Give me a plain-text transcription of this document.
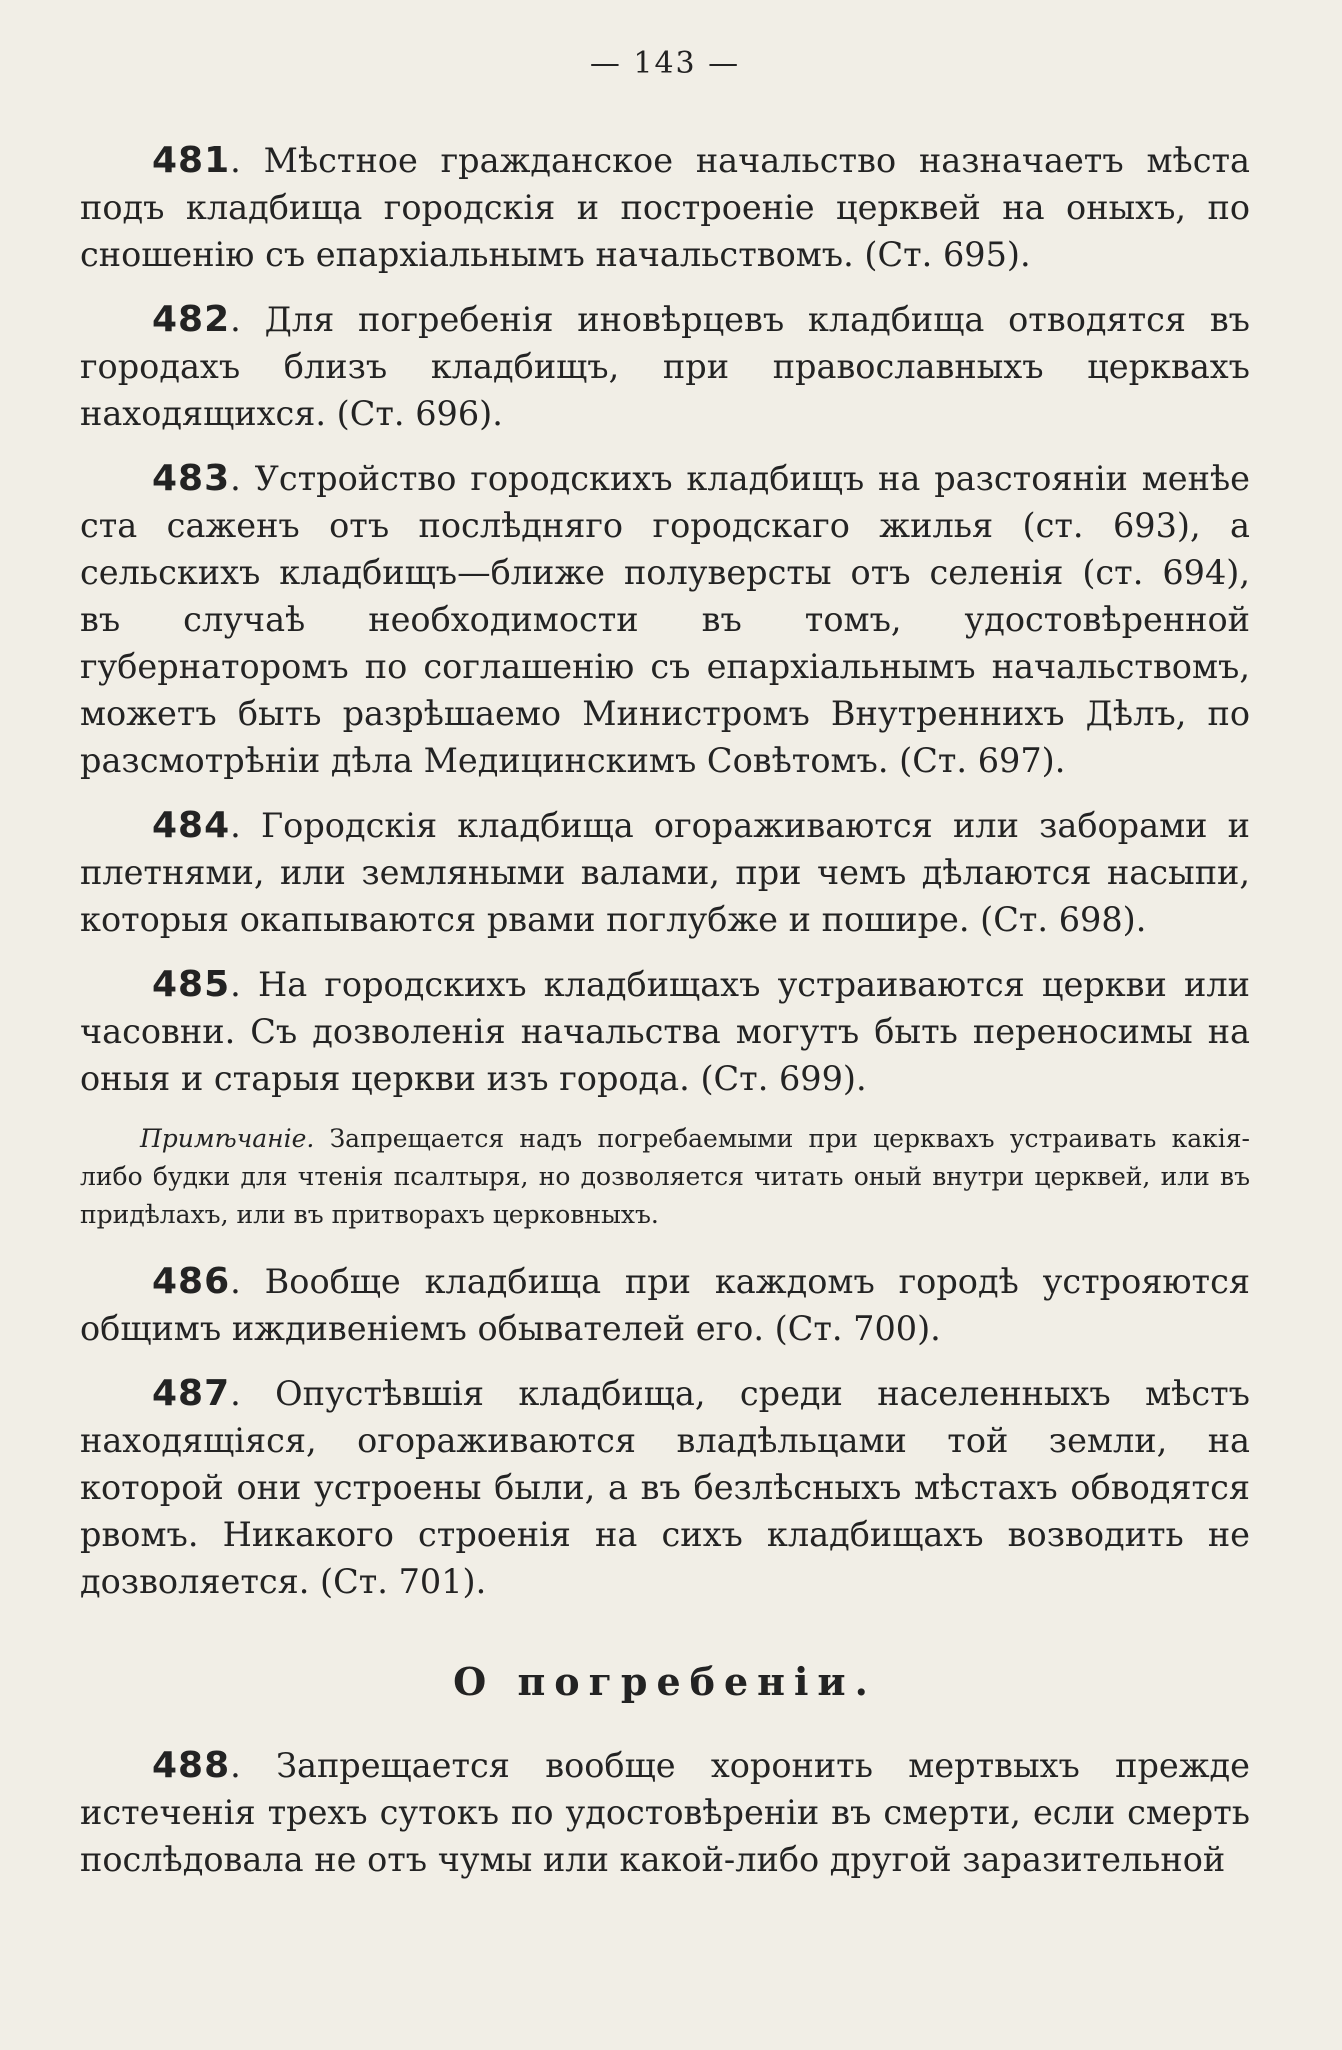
— 143 —

481. Мѣстное гражданское начальство назначаетъ мѣста подъ кладбища городскія и построеніе церквей на оныхъ, по сношенію съ епархіальнымъ начальствомъ. (Ст. 695).

482. Для погребенія иновѣрцевъ кладбища отводятся въ городахъ близъ кладбищъ, при православныхъ церквахъ находящихся. (Ст. 696).

483. Устройство городскихъ кладбищъ на разстояніи менѣе ста саженъ отъ послѣдняго городскаго жилья (ст. 693), а сельскихъ кладбищъ—ближе полуверсты отъ селенія (ст. 694), въ случаѣ необходимости въ томъ, удостовѣренной губернаторомъ по соглашенію съ епархіальнымъ начальствомъ, можетъ быть разрѣшаемо Министромъ Внутреннихъ Дѣлъ, по разсмотрѣніи дѣла Медицинскимъ Совѣтомъ. (Ст. 697).

484. Городскія кладбища огораживаются или заборами и плетнями, или земляными валами, при чемъ дѣлаются насыпи, которыя окапываются рвами поглубже и пошире. (Ст. 698).

485. На городскихъ кладбищахъ устраиваются церкви или часовни. Съ дозволенія начальства могутъ быть переносимы на оныя и старыя церкви изъ города. (Ст. 699).

Примѣчаніе. Запрещается надъ погребаемыми при церквахъ устраивать какія-либо будки для чтенія псалтыря, но дозволяется читать оный внутри церквей, или въ придѣлахъ, или въ притворахъ церковныхъ.

486. Вообще кладбища при каждомъ городѣ устрояются общимъ иждивеніемъ обывателей его. (Ст. 700).

487. Опустѣвшія кладбища, среди населенныхъ мѣстъ находящіяся, огораживаются владѣльцами той земли, на которой они устроены были, а въ безлѣсныхъ мѣстахъ обводятся рвомъ. Никакого строенія на сихъ кладбищахъ возводить не дозволяется. (Ст. 701).

О погребеніи.

488. Запрещается вообще хоронить мертвыхъ прежде истеченія трехъ сутокъ по удостовѣреніи въ смерти, если смерть послѣдовала не отъ чумы или какой-либо другой заразительной
